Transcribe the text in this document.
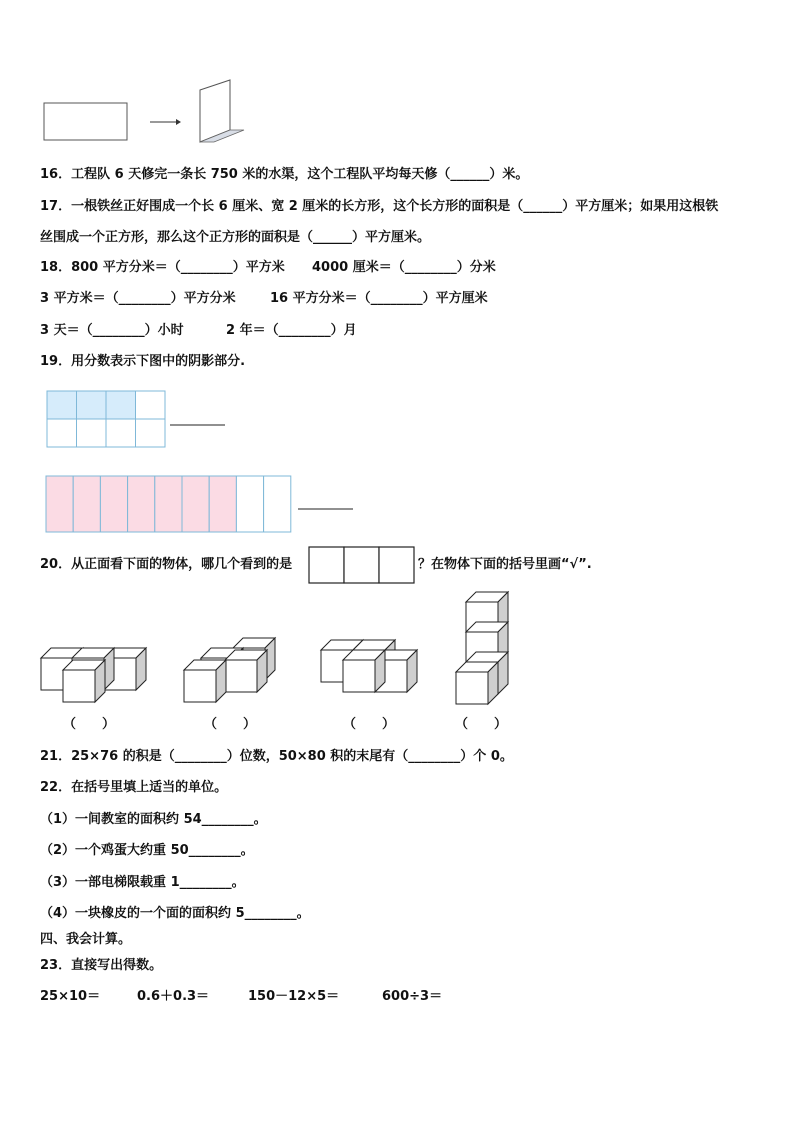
16．工程队 6 天修完一条长 750 米的水渠，这个工程队平均每天修（______）米。
17．一根铁丝正好围成一个长 6 厘米、宽 2 厘米的长方形，这个长方形的面积是（______）平方厘米；如果用这根铁
丝围成一个正方形，那么这个正方形的面积是（______）平方厘米。
18．800 平方分米＝（________）平方米 4000 厘米＝（________）分米
3 平方米＝（________）平方分米	16 平方分米＝（________）平方厘米
3 天＝（________）小时	2 年＝（________）月
19．用分数表示下图中的阴影部分.
20．从正面看下面的物体，哪几个看到的是	？在物体下面的括号里画“√”.
（　　）	（　　）	（　　）	（　　）
21．25×76 的积是（________）位数，50×80 积的末尾有（________）个 0。
22．在括号里填上适当的单位。
（1）一间教室的面积约 54________。
（2）一个鸡蛋大约重 50________。
（3）一部电梯限载重 1________。
（4）一块橡皮的一个面的面积约 5________。
四、我会计算。
23．直接写出得数。
25×10＝	0.6＋0.3＝	150－12×5＝	600÷3＝
